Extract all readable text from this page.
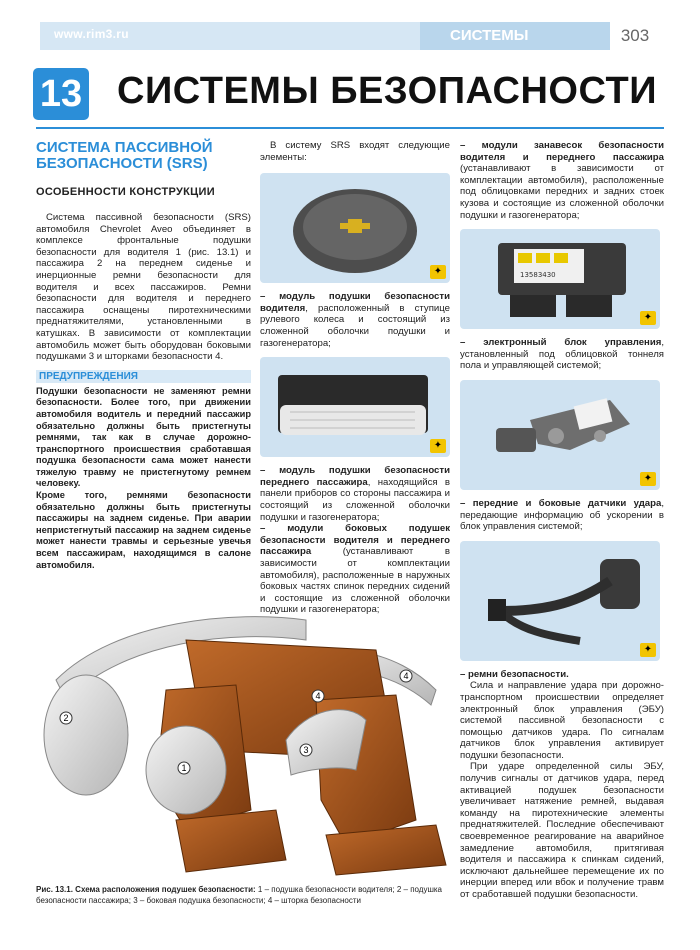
www.rim3.ru	СИСТЕМЫ БЕЗОПАСНОСТИ
303
13 СИСТЕМЫ БЕЗОПАСНОСТИ
СИСТЕМА ПАССИВНОЙ БЕЗОПАСНОСТИ (SRS)
ОСОБЕННОСТИ КОНСТРУКЦИИ

Система пассивной безопасности (SRS) автомобиля Chevrolet Aveo объединяет в комплексе фронтальные подушки безопасности для водителя 1 (рис. 13.1) и пассажира 2 на переднем сиденье и инерционные ремни безопасности для водителя и всех пассажиров. Ремни безопасности для водителя и переднего пассажира оснащены пиротехническими преднатяжителями, установленными в катушках. В зависимости от комплектации автомобиль может быть оборудован боковыми подушками 3 и шторками безопасности 4.

ПРЕДУПРЕЖДЕНИЯ

Подушки безопасности не заменяют ремни безопасности. Более того, при движении автомобиля водитель и передний пассажир обязательно должны быть пристегнуты ремнями, так как в случае дорожно-транспортного происшествия сработавшая подушка безопасности сама может нанести тяжелую травму не пристегнутому ремнем человеку.

Кроме того, ремнями безопасности обязательно должны быть пристегнуты пассажиры на заднем сиденье. При аварии непристегнутый пассажир на заднем сиденье может нанести травмы и серьезные увечья всем пассажирам, находящимся в салоне автомобиля.

В систему SRS входят следующие элементы:

✦

– модуль подушки безопасности водителя, расположенный в ступице рулевого колеса и состоящий из сложенной оболочки подушки и газогенератора;

✦

– модуль подушки безопасности переднего пассажира, находящийся в панели приборов со стороны пассажира и состоящий из сложенной оболочки подушки и газогенератора;

– модули боковых подушек безопасности водителя и переднего пассажира (устанавливают в зависимости от комплектации автомобиля), расположенные в наружных боковых частях спинок передних сидений и состоящие из сложенной оболочки подушки и газогенератора;

– модули занавесок безопасности водителя и переднего пассажира (устанавливают в зависимости от комплектации автомобиля), расположенные под облицовками передних и задних стоек кузова и состоящие из сложенной оболочки подушки и газогенератора;

13583430
✦

– электронный блок управления, установленный под облицовкой тоннеля пола и управляющей системой;

✦

– передние и боковые датчики удара, передающие информацию об ускорении в блок управления системой;

✦

– ремни безопасности.

Сила и направление удара при дорожно-транспортном происшествии определяет электронный блок управления (ЭБУ) системой пассивной безопасности с помощью датчиков удара. По сигналам датчиков блок управления активирует подушки безопасности.

При ударе определенной силы ЭБУ, получив сигналы от датчиков удара, перед активацией подушек безопасности увеличивает натяжение ремней, выдавая команду на пиротехнические элементы преднатяжителей. Последние обеспечивают своевременное реагирование на аварийное замедление автомобиля, притягивая водителя и пассажира к спинкам сидений, исключают дальнейшее перемещение их по инерции вперед или вбок и получение травм от сработавшей подушки безопасности.

1
2
3
4
4

Рис. 13.1. Схема расположения подушек безопасности: 1 – подушка безопасности водителя; 2 – подушка безопасности пассажира; 3 – боковая подушка безопасности; 4 – шторка безопасности
